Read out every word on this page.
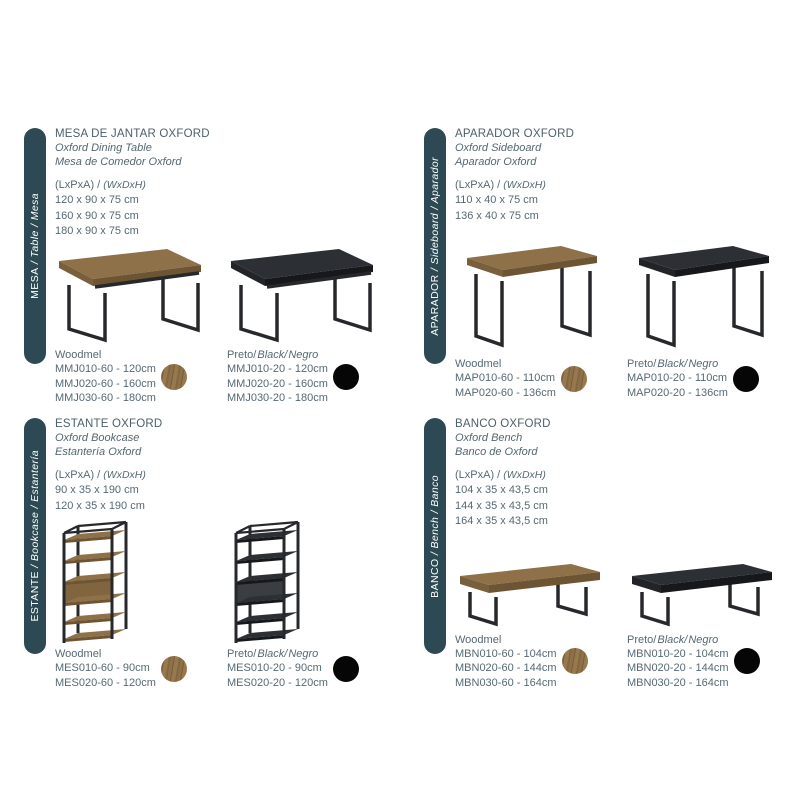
MESA / Table / Mesa
MESA DE JANTAR OXFORD
Oxford Dining Table
Mesa de Comedor Oxford
(LxPxA) / (WxDxH)
120 x 90 x 75 cm
160 x 90 x 75 cm
180 x 90 x 75 cm
Woodmel
MMJ010-60 - 120cm
MMJ020-60 - 160cm
MMJ030-60 - 180cm
Preto/Black/Negro
MMJ010-20 - 120cm
MMJ020-20 - 160cm
MMJ030-20 - 180cm
APARADOR / Sideboard / Aparador
APARADOR OXFORD
Oxford Sideboard
Aparador Oxford
(LxPxA) / (WxDxH)
110 x 40 x 75 cm
136 x 40 x 75 cm
Woodmel
MAP010-60 - 110cm
MAP020-60 - 136cm
Preto/Black/Negro
MAP010-20 - 110cm
MAP020-20 - 136cm
ESTANTE / Bookcase / Estantería
ESTANTE OXFORD
Oxford Bookcase
Estantería Oxford
(LxPxA) / (WxDxH)
90 x 35 x 190 cm
120 x 35 x 190 cm
Woodmel
MES010-60 - 90cm
MES020-60 - 120cm
Preto/Black/Negro
MES010-20 - 90cm
MES020-20 - 120cm
BANCO / Bench / Banco
BANCO OXFORD
Oxford Bench
Banco de Oxford
(LxPxA) / (WxDxH)
104 x 35 x 43,5 cm
144 x 35 x 43,5 cm
164 x 35 x 43,5 cm
Woodmel
MBN010-60 - 104cm
MBN020-60 - 144cm
MBN030-60 - 164cm
Preto/Black/Negro
MBN010-20 - 104cm
MBN020-20 - 144cm
MBN030-20 - 164cm
